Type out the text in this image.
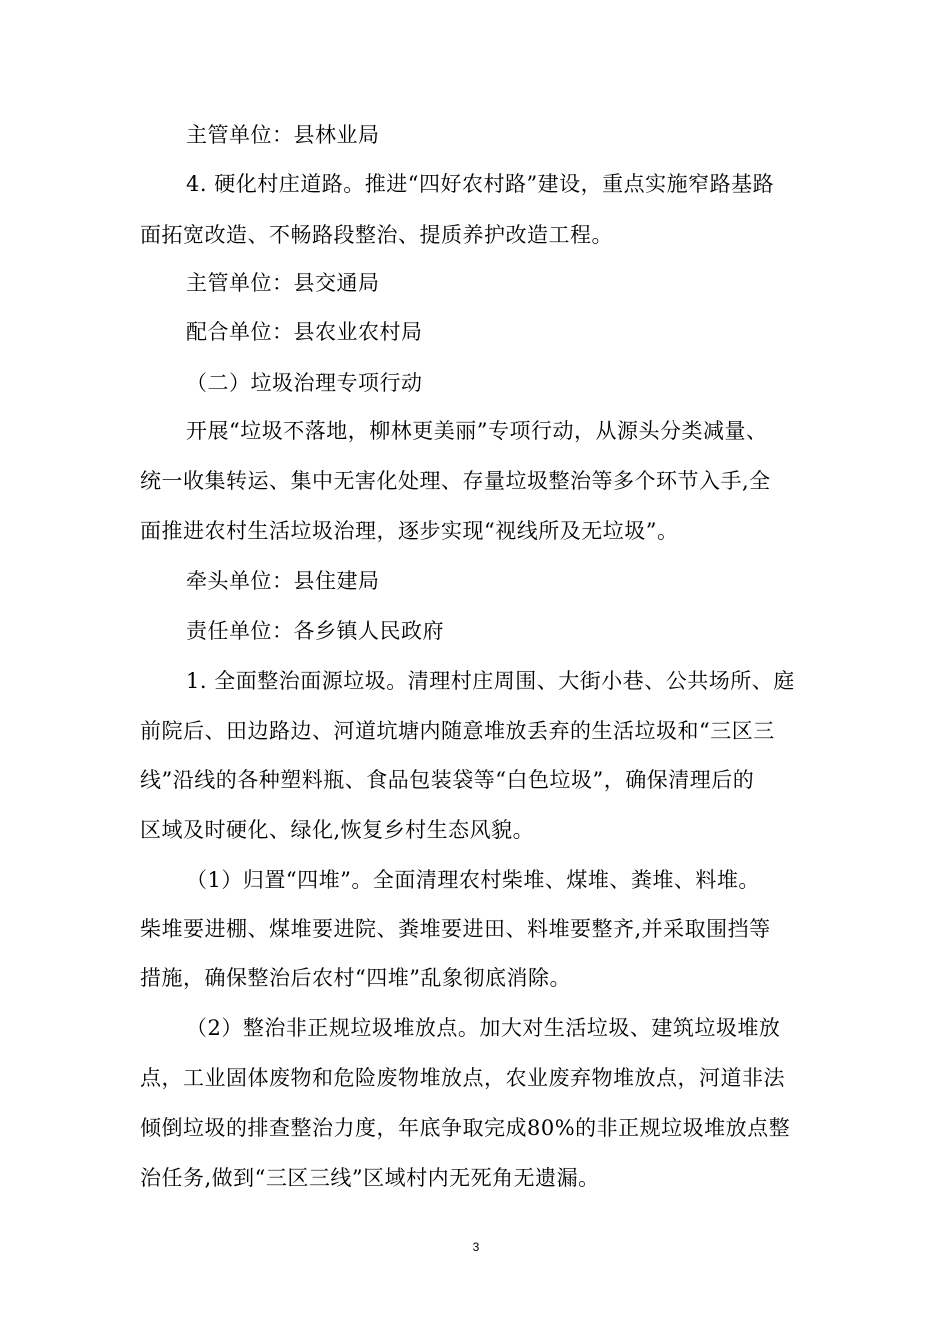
主管单位：县林业局
4. 硬化村庄道路。推进“四好农村路”建设，重点实施窄路基路
面拓宽改造、不畅路段整治、提质养护改造工程。
主管单位：县交通局
配合单位：县农业农村局
（二）垃圾治理专项行动
开展“垃圾不落地，柳林更美丽”专项行动，从源头分类减量、
统一收集转运、集中无害化处理、存量垃圾整治等多个环节入手,全
面推进农村生活垃圾治理，逐步实现“视线所及无垃圾”。
牵头单位：县住建局
责任单位：各乡镇人民政府
1. 全面整治面源垃圾。清理村庄周围、大街小巷、公共场所、庭
前院后、田边路边、河道坑塘内随意堆放丢弃的生活垃圾和“三区三
线”沿线的各种塑料瓶、食品包装袋等“白色垃圾”，确保清理后的
区域及时硬化、绿化,恢复乡村生态风貌。
（1）归置“四堆”。全面清理农村柴堆、煤堆、粪堆、料堆。
柴堆要进棚、煤堆要进院、粪堆要进田、料堆要整齐,并采取围挡等
措施，确保整治后农村“四堆”乱象彻底消除。
（2）整治非正规垃圾堆放点。加大对生活垃圾、建筑垃圾堆放
点，工业固体废物和危险废物堆放点，农业废弃物堆放点，河道非法
倾倒垃圾的排查整治力度，年底争取完成80%的非正规垃圾堆放点整
治任务,做到“三区三线”区域村内无死角无遗漏。
3
